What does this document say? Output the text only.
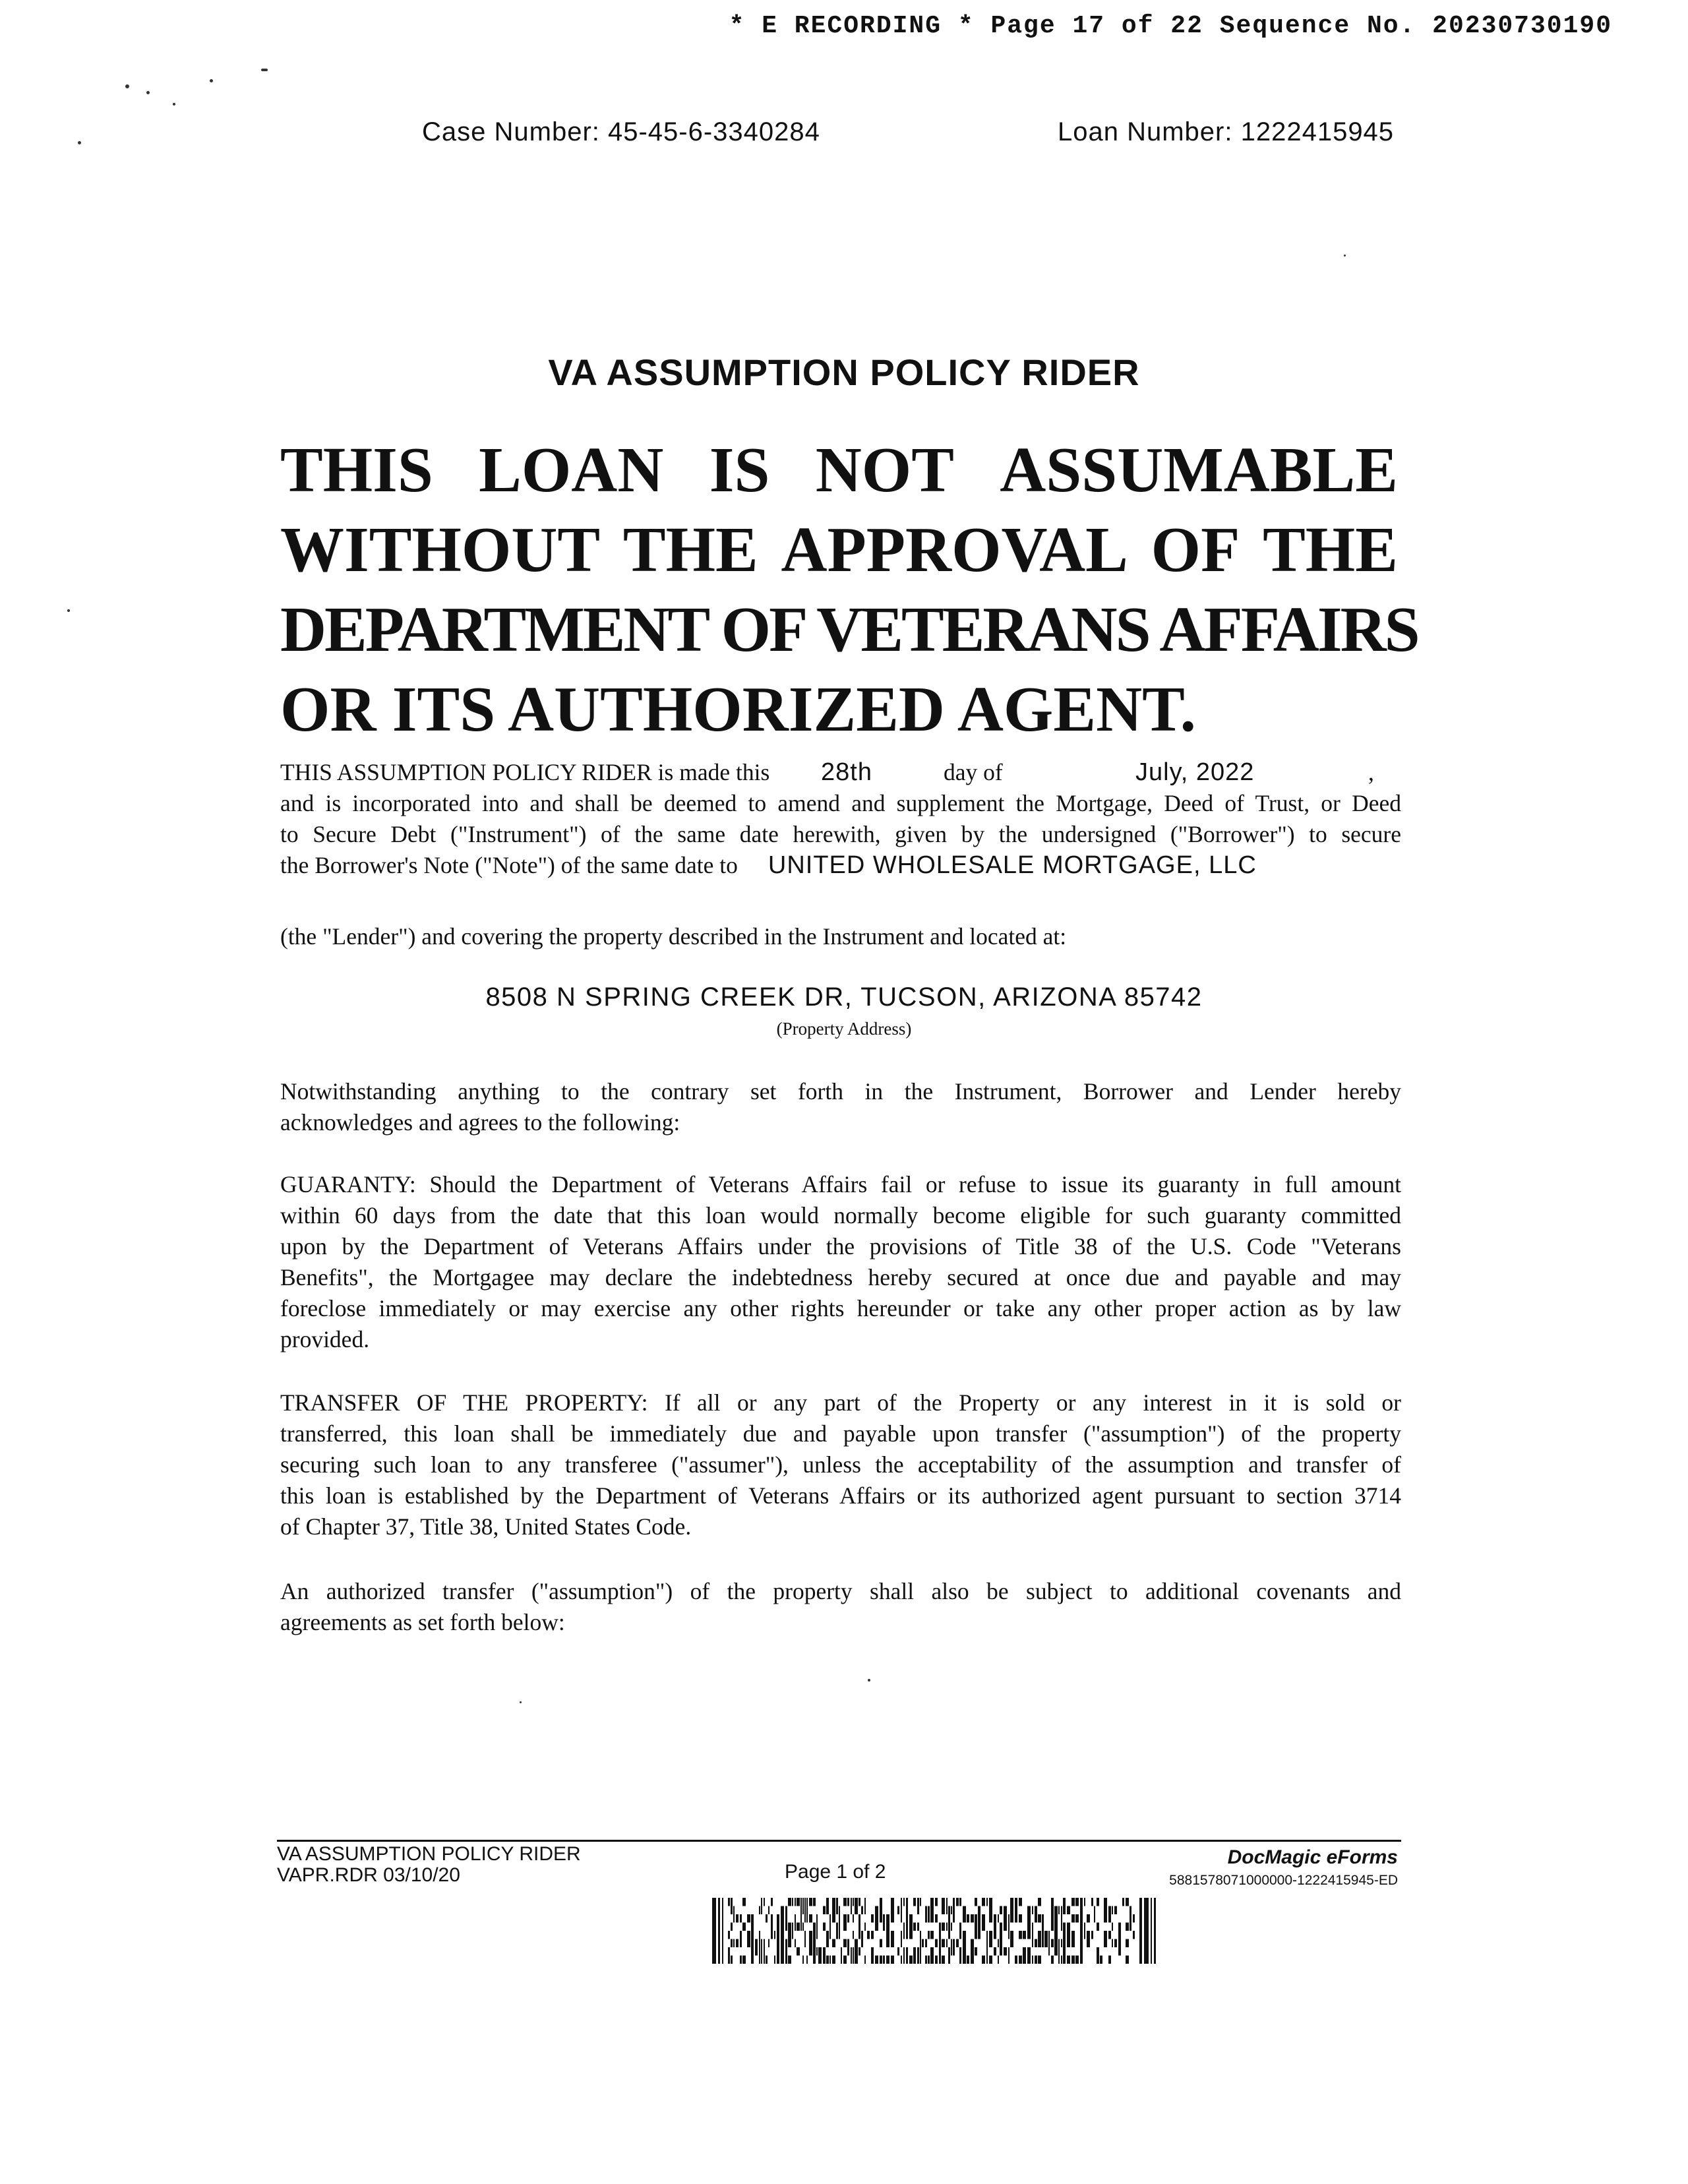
* E RECORDING * Page 17 of 22 Sequence No. 20230730190
Case Number: 45-45-6-3340284	Loan Number: 1222415945
VA ASSUMPTION POLICY RIDER
THIS LOAN IS NOT ASSUMABLE
WITHOUT THE APPROVAL OF THE
DEPARTMENT OF VETERANS AFFAIRS
OR ITS AUTHORIZED AGENT.
THIS ASSUMPTION POLICY RIDER is made this 28th	day of	July, 2022	,
and is incorporated into and shall be deemed to amend and supplement the Mortgage, Deed of Trust, or Deed
to Secure Debt ("Instrument") of the same date herewith, given by the undersigned ("Borrower") to secure
the Borrower's Note ("Note") of the same date to UNITED WHOLESALE MORTGAGE, LLC
(the "Lender") and covering the property described in the Instrument and located at:
8508 N SPRING CREEK DR, TUCSON, ARIZONA 85742
(Property Address)
Notwithstanding anything to the contrary set forth in the Instrument, Borrower and Lender hereby
acknowledges and agrees to the following:
GUARANTY: Should the Department of Veterans Affairs fail or refuse to issue its guaranty in full amount
within 60 days from the date that this loan would normally become eligible for such guaranty committed
upon by the Department of Veterans Affairs under the provisions of Title 38 of the U.S. Code "Veterans
Benefits", the Mortgagee may declare the indebtedness hereby secured at once due and payable and may
foreclose immediately or may exercise any other rights hereunder or take any other proper action as by law
provided.
TRANSFER OF THE PROPERTY: If all or any part of the Property or any interest in it is sold or
transferred, this loan shall be immediately due and payable upon transfer ("assumption") of the property
securing such loan to any transferee ("assumer"), unless the acceptability of the assumption and transfer of
this loan is established by the Department of Veterans Affairs or its authorized agent pursuant to section 3714
of Chapter 37, Title 38, United States Code.
An authorized transfer ("assumption") of the property shall also be subject to additional covenants and
agreements as set forth below:
VA ASSUMPTION POLICY RIDER
VAPR.RDR 03/10/20	Page 1 of 2
DocMagic eForms
5881578071000000-1222415945-ED
